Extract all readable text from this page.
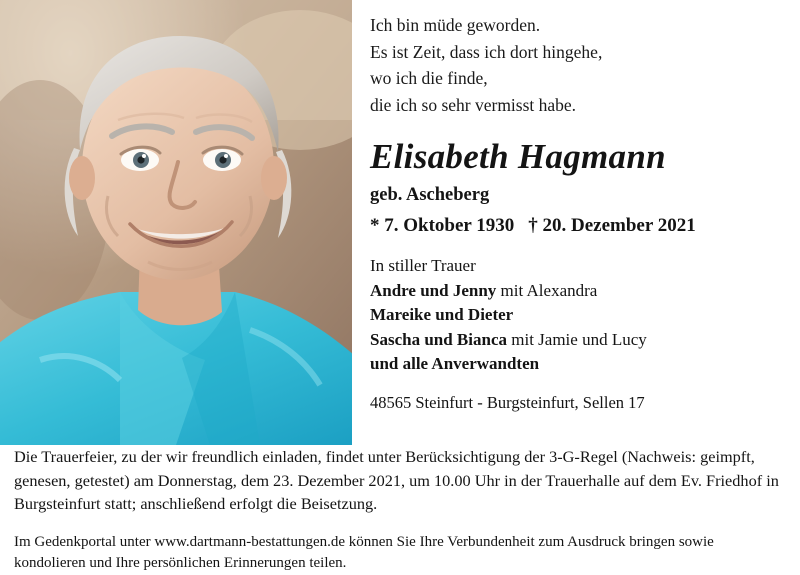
Ich bin müde geworden.
Es ist Zeit, dass ich dort hingehe,
wo ich die finde,
die ich so sehr vermisst habe.
Elisabeth Hagmann
geb. Ascheberg
* 7. Oktober 1930 † 20. Dezember 2021
In stiller Trauer
Andre und Jenny mit Alexandra
Mareike und Dieter
Sascha und Bianca mit Jamie und Lucy
und alle Anverwandten
48565 Steinfurt - Burgsteinfurt, Sellen 17

Die Trauerfeier, zu der wir freundlich einladen, findet unter Berücksichtigung der 3-G-Regel (Nachweis: geimpft, genesen, getestet) am Donnerstag, dem 23. Dezember 2021, um 10.00 Uhr in der Trauerhalle auf dem Ev. Friedhof in Burgsteinfurt statt; anschließend erfolgt die Beisetzung.

Im Gedenkportal unter www.dartmann-bestattungen.de können Sie Ihre Verbundenheit zum Ausdruck bringen sowie kondolieren und Ihre persönlichen Erinnerungen teilen.
